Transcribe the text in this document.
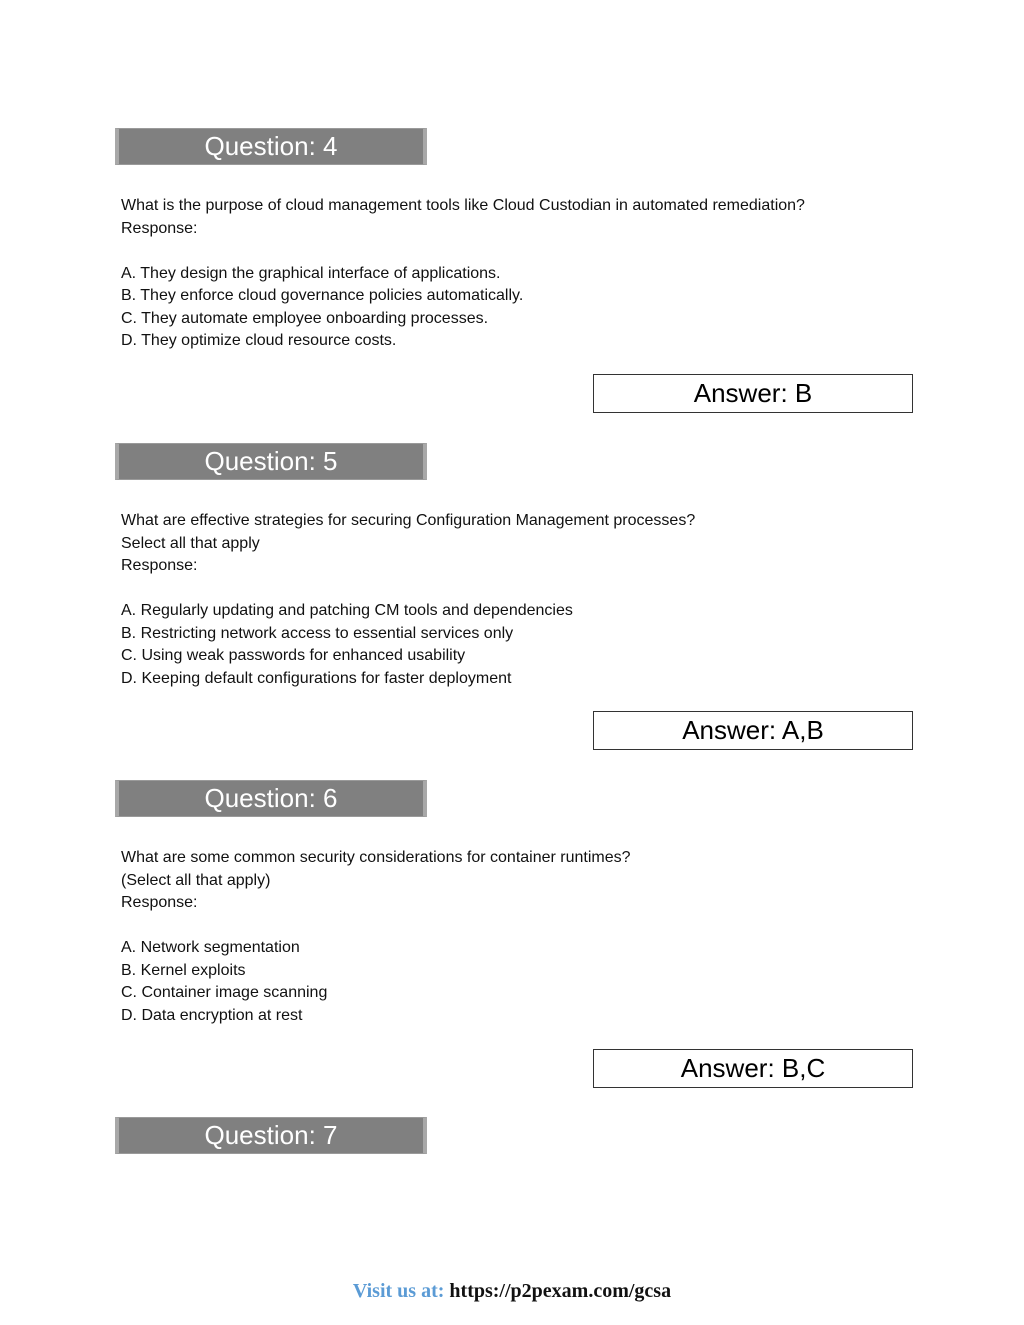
Question: 4
What is the purpose of cloud management tools like Cloud Custodian in automated remediation?
Response:
A. They design the graphical interface of applications.
B. They enforce cloud governance policies automatically.
C. They automate employee onboarding processes.
D. They optimize cloud resource costs.
Answer: B
Question: 5
What are effective strategies for securing Configuration Management processes?
Select all that apply
Response:
A. Regularly updating and patching CM tools and dependencies
B. Restricting network access to essential services only
C. Using weak passwords for enhanced usability
D. Keeping default configurations for faster deployment
Answer: A,B
Question: 6
What are some common security considerations for container runtimes?
(Select all that apply)
Response:
A. Network segmentation
B. Kernel exploits
C. Container image scanning
D. Data encryption at rest
Answer: B,C
Question: 7
Visit us at: https://p2pexam.com/gcsa
